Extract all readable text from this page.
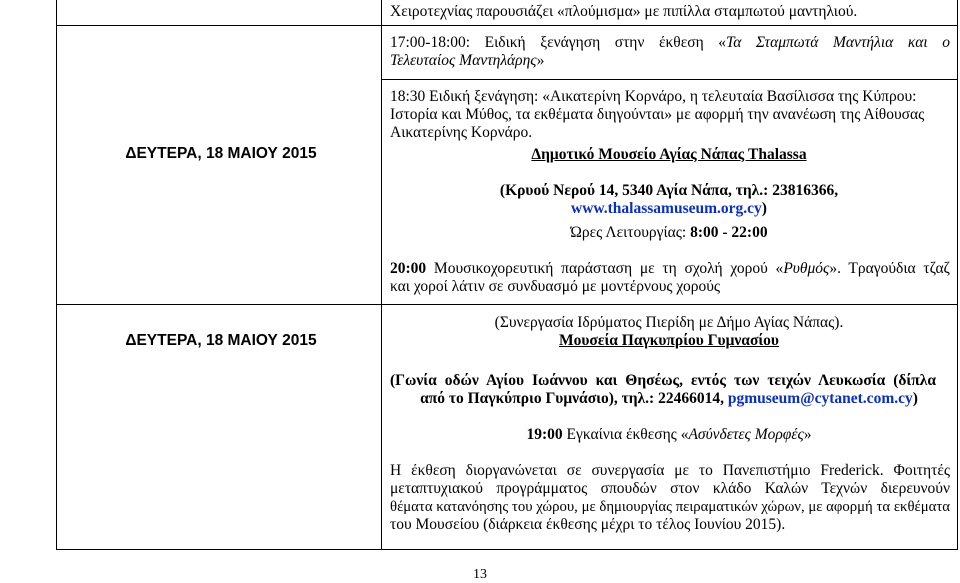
Χειροτεχνίας παρουσιάζει «πλούμισμα» με πιπίλλα σταμπωτού μαντηλιού.
ΔΕΥΤΕΡΑ, 18 ΜΑΙΟΥ 2015
17:00-18:00: Ειδική ξενάγηση στην έκθεση «Τα Σταμπωτά Μαντήλια και ο
Τελευταίος Μαντηλάρης»
18:30 Ειδική ξενάγηση: «Αικατερίνη Κορνάρο, η τελευταία Βασίλισσα της Κύπρου:
Ιστορία και Μύθος, τα εκθέματα διηγούνται» με αφορμή την ανανέωση της Αίθουσας
Αικατερίνης Κορνάρο.
Δημοτικό Μουσείο Αγίας Νάπας Thalassa
(Κρυού Νερού 14, 5340 Αγία Νάπα, τηλ.: 23816366,
www.thalassamuseum.org.cy)
Ώρες Λειτουργίας: 8:00 - 22:00
20:00 Μουσικοχορευτική παράσταση με τη σχολή χορού «Ρυθμός». Τραγούδια τζαζ
και χοροί λάτιν σε συνδυασμό με μοντέρνους χορούς
(Συνεργασία Ιδρύματος Πιερίδη με Δήμο Αγίας Νάπας).
ΔΕΥΤΕΡΑ, 18 ΜΑΙΟΥ 2015	Μουσεία Παγκυπρίου Γυμνασίου
(Γωνία οδών Αγίου Ιωάννου και Θησέως, εντός των τειχών Λευκωσία (δίπλα
από το Παγκύπριο Γυμνάσιο), τηλ.: 22466014, pgmuseum@cytanet.com.cy)
19:00 Εγκαίνια έκθεσης «Ασύνδετες Μορφές»
Η έκθεση διοργανώνεται σε συνεργασία με το Πανεπιστήμιο Frederick. Φοιτητές
μεταπτυχιακού προγράμματος σπουδών στον κλάδο Καλών Τεχνών διερευνούν
θέματα κατανόησης του χώρου, με δημιουργίας πειραματικών χώρων, με αφορμή τα εκθέματα
του Μουσείου (διάρκεια έκθεσης μέχρι το τέλος Ιουνίου 2015).
13
